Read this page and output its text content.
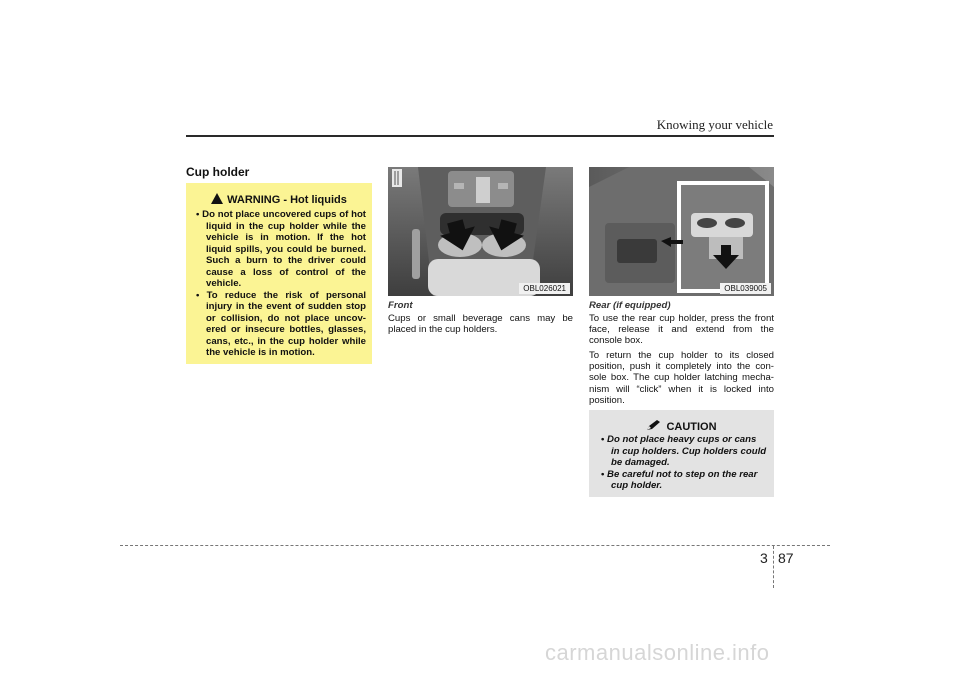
Knowing your vehicle
Cup holder
WARNING - Hot liquids
• Do not place uncovered cups of hot liquid in the cup holder while the vehicle is in motion. If the hot liquid spills, you could be burned. Such a burn to the driver could cause a loss of control of the vehicle.
• To reduce the risk of personal injury in the event of sudden stop or collision, do not place uncov-ered or insecure bottles, glasses, cans, etc., in the cup holder while the vehicle is in motion.
OBL026021
Front
Cups or small beverage cans may be placed in the cup holders.
OBL039005
Rear (if equipped)
To use the rear cup holder, press the front face, release it and extend from the console box.
To return the cup holder to its closed position, push it completely into the con-sole box. The cup holder latching mecha-nism will “click” when it is locked into position.
CAUTION
• Do not place heavy cups or cans in cup holders. Cup holders could be damaged.
• Be careful not to step on the rear cup holder.
3 87
carmanualsonline.info
